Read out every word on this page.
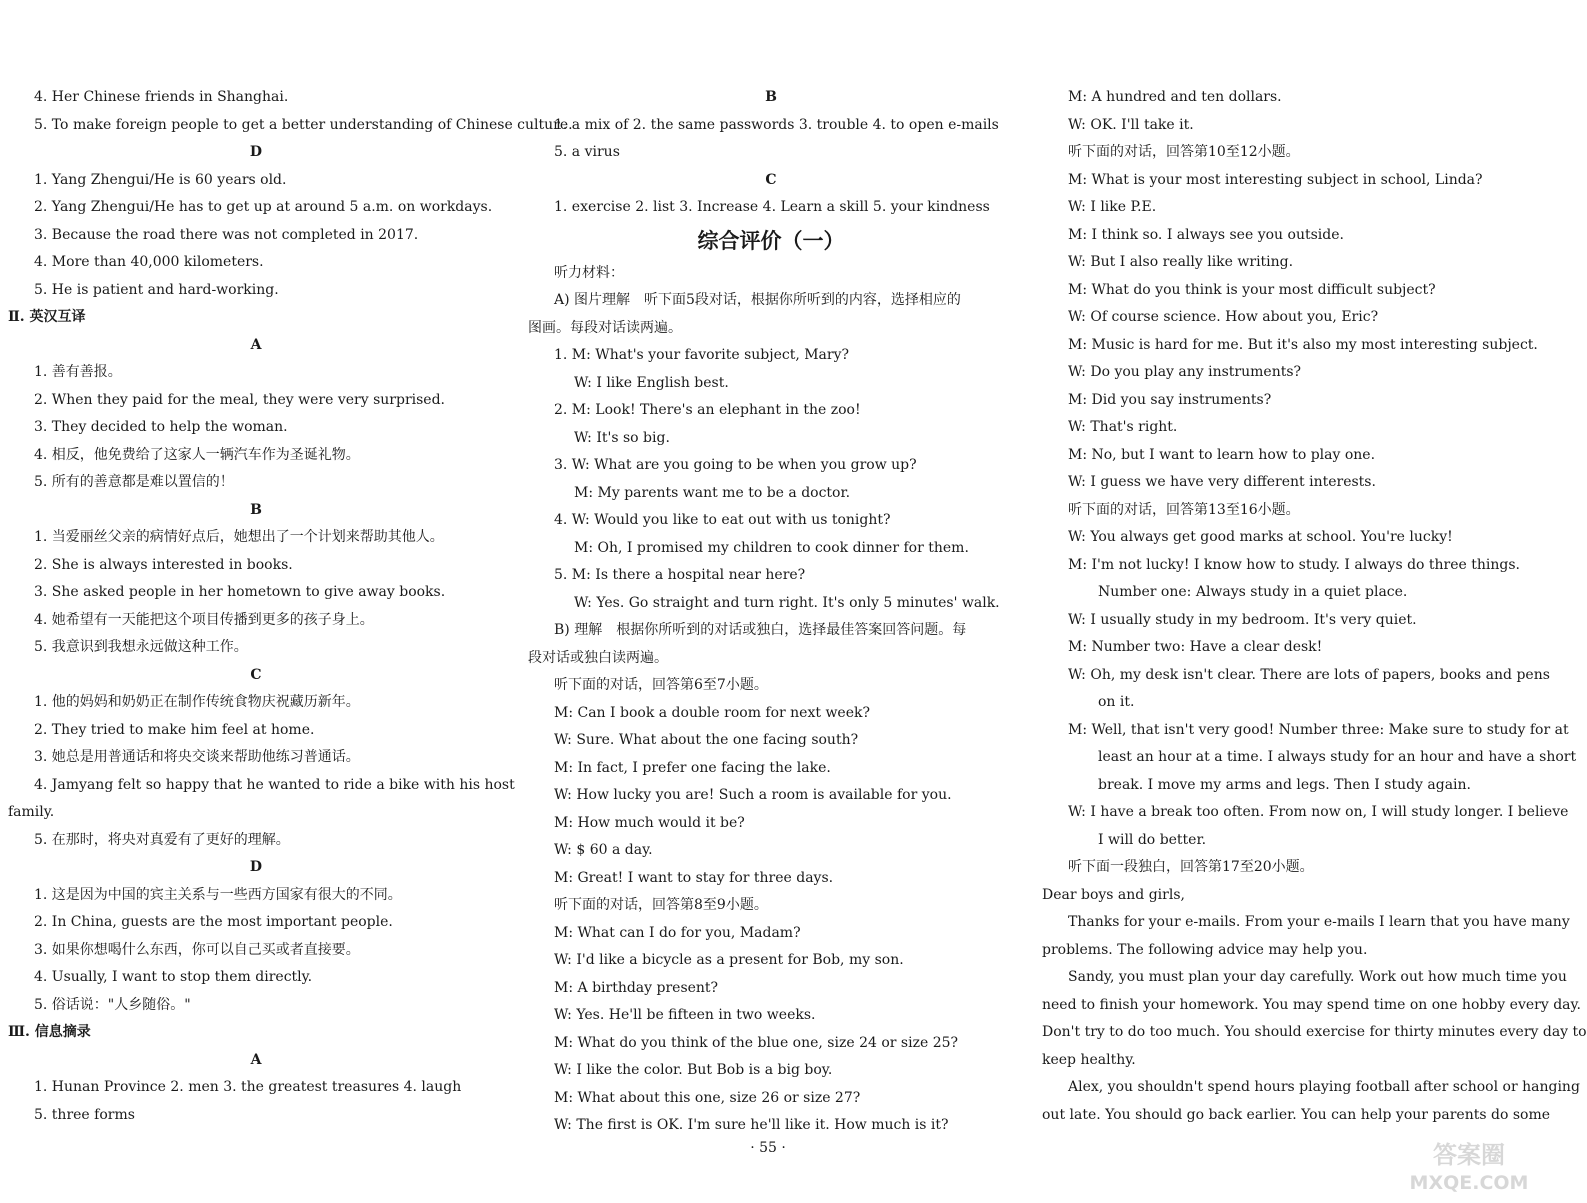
4. Her Chinese friends in Shanghai.
5. To make foreign people to get a better understanding of Chinese culture.
D
1. Yang Zhengui/He is 60 years old.
2. Yang Zhengui/He has to get up at around 5 a.m. on workdays.
3. Because the road there was not completed in 2017.
4. More than 40,000 kilometers.
5. He is patient and hard-working.
Ⅱ. 英汉互译
A
1. 善有善报。
2. When they paid for the meal, they were very surprised.
3. They decided to help the woman.
4. 相反，他免费给了这家人一辆汽车作为圣诞礼物。
5. 所有的善意都是难以置信的！
B
1. 当爱丽丝父亲的病情好点后，她想出了一个计划来帮助其他人。
2. She is always interested in books.
3. She asked people in her hometown to give away books.
4. 她希望有一天能把这个项目传播到更多的孩子身上。
5. 我意识到我想永远做这种工作。
C
1. 他的妈妈和奶奶正在制作传统食物庆祝藏历新年。
2. They tried to make him feel at home.
3. 她总是用普通话和将央交谈来帮助他练习普通话。
4. Jamyang felt so happy that he wanted to ride a bike with his host
family.
5. 在那时，将央对真爱有了更好的理解。
D
1. 这是因为中国的宾主关系与一些西方国家有很大的不同。
2. In China, guests are the most important people.
3. 如果你想喝什么东西，你可以自己买或者直接要。
4. Usually, I want to stop them directly.
5. 俗话说："人乡随俗。"
Ⅲ. 信息摘录
A
1. Hunan Province 2. men 3. the greatest treasures 4. laugh
5. three forms
B
1. a mix of 2. the same passwords 3. trouble 4. to open e-mails
5. a virus
C
1. exercise 2. list 3. Increase 4. Learn a skill 5. your kindness
综合评价（一）
听力材料：
A) 图片理解　听下面5段对话，根据你所听到的内容，选择相应的
图画。每段对话读两遍。
1. M: What's your favorite subject, Mary?
W: I like English best.
2. M: Look! There's an elephant in the zoo!
W: It's so big.
3. W: What are you going to be when you grow up?
M: My parents want me to be a doctor.
4. W: Would you like to eat out with us tonight?
M: Oh, I promised my children to cook dinner for them.
5. M: Is there a hospital near here?
W: Yes. Go straight and turn right. It's only 5 minutes' walk.
B) 理解　根据你所听到的对话或独白，选择最佳答案回答问题。每
段对话或独白读两遍。
听下面的对话，回答第6至7小题。
M: Can I book a double room for next week?
W: Sure. What about the one facing south?
M: In fact, I prefer one facing the lake.
W: How lucky you are! Such a room is available for you.
M: How much would it be?
W: $ 60 a day.
M: Great! I want to stay for three days.
听下面的对话，回答第8至9小题。
M: What can I do for you, Madam?
W: I'd like a bicycle as a present for Bob, my son.
M: A birthday present?
W: Yes. He'll be fifteen in two weeks.
M: What do you think of the blue one, size 24 or size 25?
W: I like the color. But Bob is a big boy.
M: What about this one, size 26 or size 27?
W: The first is OK. I'm sure he'll like it. How much is it?
M: A hundred and ten dollars.
W: OK. I'll take it.
听下面的对话，回答第10至12小题。
M: What is your most interesting subject in school, Linda?
W: I like P.E.
M: I think so. I always see you outside.
W: But I also really like writing.
M: What do you think is your most difficult subject?
W: Of course science. How about you, Eric?
M: Music is hard for me. But it's also my most interesting subject.
W: Do you play any instruments?
M: Did you say instruments?
W: That's right.
M: No, but I want to learn how to play one.
W: I guess we have very different interests.
听下面的对话，回答第13至16小题。
W: You always get good marks at school. You're lucky!
M: I'm not lucky! I know how to study. I always do three things.
Number one: Always study in a quiet place.
W: I usually study in my bedroom. It's very quiet.
M: Number two: Have a clear desk!
W: Oh, my desk isn't clear. There are lots of papers, books and pens
on it.
M: Well, that isn't very good! Number three: Make sure to study for at
least an hour at a time. I always study for an hour and have a short
break. I move my arms and legs. Then I study again.
W: I have a break too often. From now on, I will study longer. I believe
I will do better.
听下面一段独白，回答第17至20小题。
Dear boys and girls,
Thanks for your e-mails. From your e-mails I learn that you have many
problems. The following advice may help you.
Sandy, you must plan your day carefully. Work out how much time you
need to finish your homework. You may spend time on one hobby every day.
Don't try to do too much. You should exercise for thirty minutes every day to
keep healthy.
Alex, you shouldn't spend hours playing football after school or hanging
out late. You should go back earlier. You can help your parents do some
· 55 ·	答案圈
MXQE.COM
